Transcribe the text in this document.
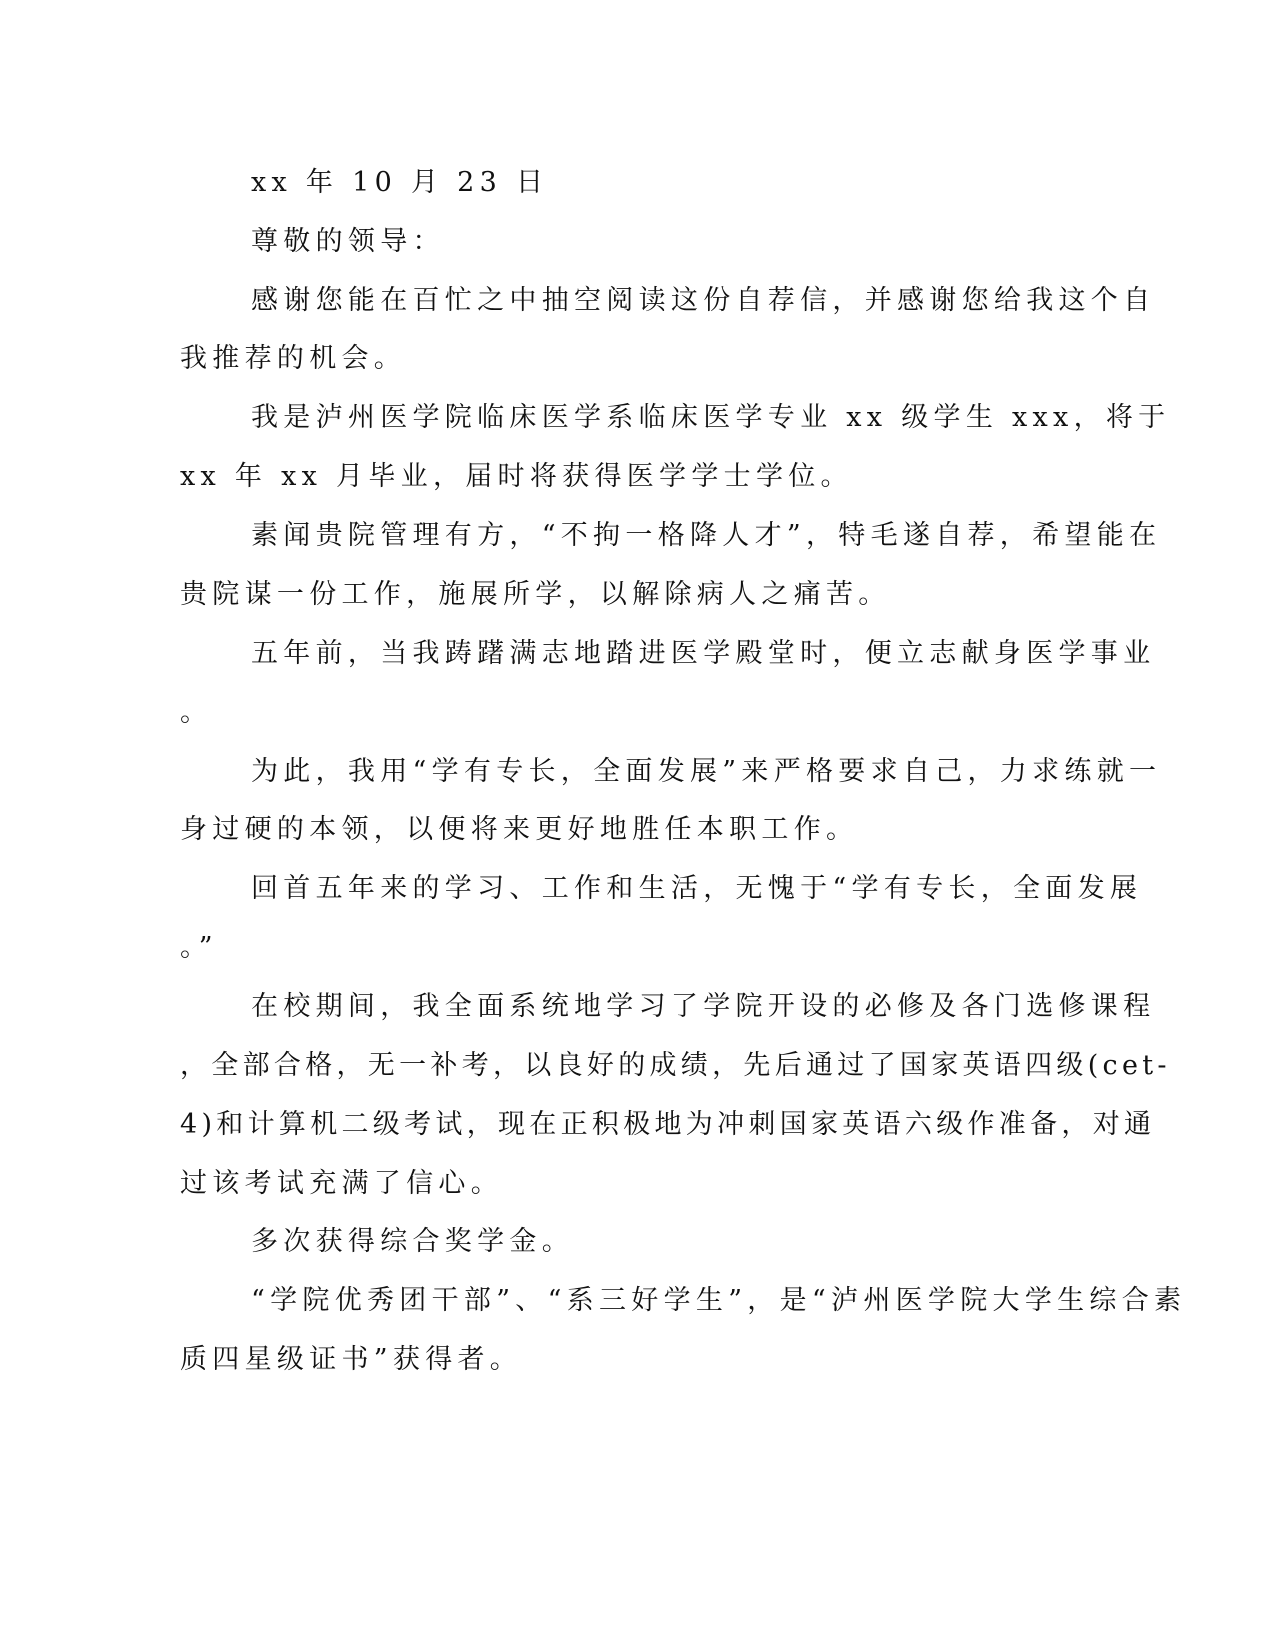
xx 年 10 月 23 日

尊敬的领导：

感谢您能在百忙之中抽空阅读这份自荐信，并感谢您给我这个自

我推荐的机会。

我是泸州医学院临床医学系临床医学专业 xx 级学生 xxx，将于

xx 年 xx 月毕业，届时将获得医学学士学位。

素闻贵院管理有方，“不拘一格降人才”，特毛遂自荐，希望能在

贵院谋一份工作，施展所学，以解除病人之痛苦。

五年前，当我踌躇满志地踏进医学殿堂时，便立志献身医学事业

。

为此，我用“学有专长，全面发展”来严格要求自己，力求练就一

身过硬的本领，以便将来更好地胜任本职工作。

回首五年来的学习、工作和生活，无愧于“学有专长，全面发展

。”

在校期间，我全面系统地学习了学院开设的必修及各门选修课程

，全部合格，无一补考，以良好的成绩，先后通过了国家英语四级(cet-

4)和计算机二级考试，现在正积极地为冲刺国家英语六级作准备，对通

过该考试充满了信心。

多次获得综合奖学金。

“学院优秀团干部”、“系三好学生”，是“泸州医学院大学生综合素

质四星级证书”获得者。
